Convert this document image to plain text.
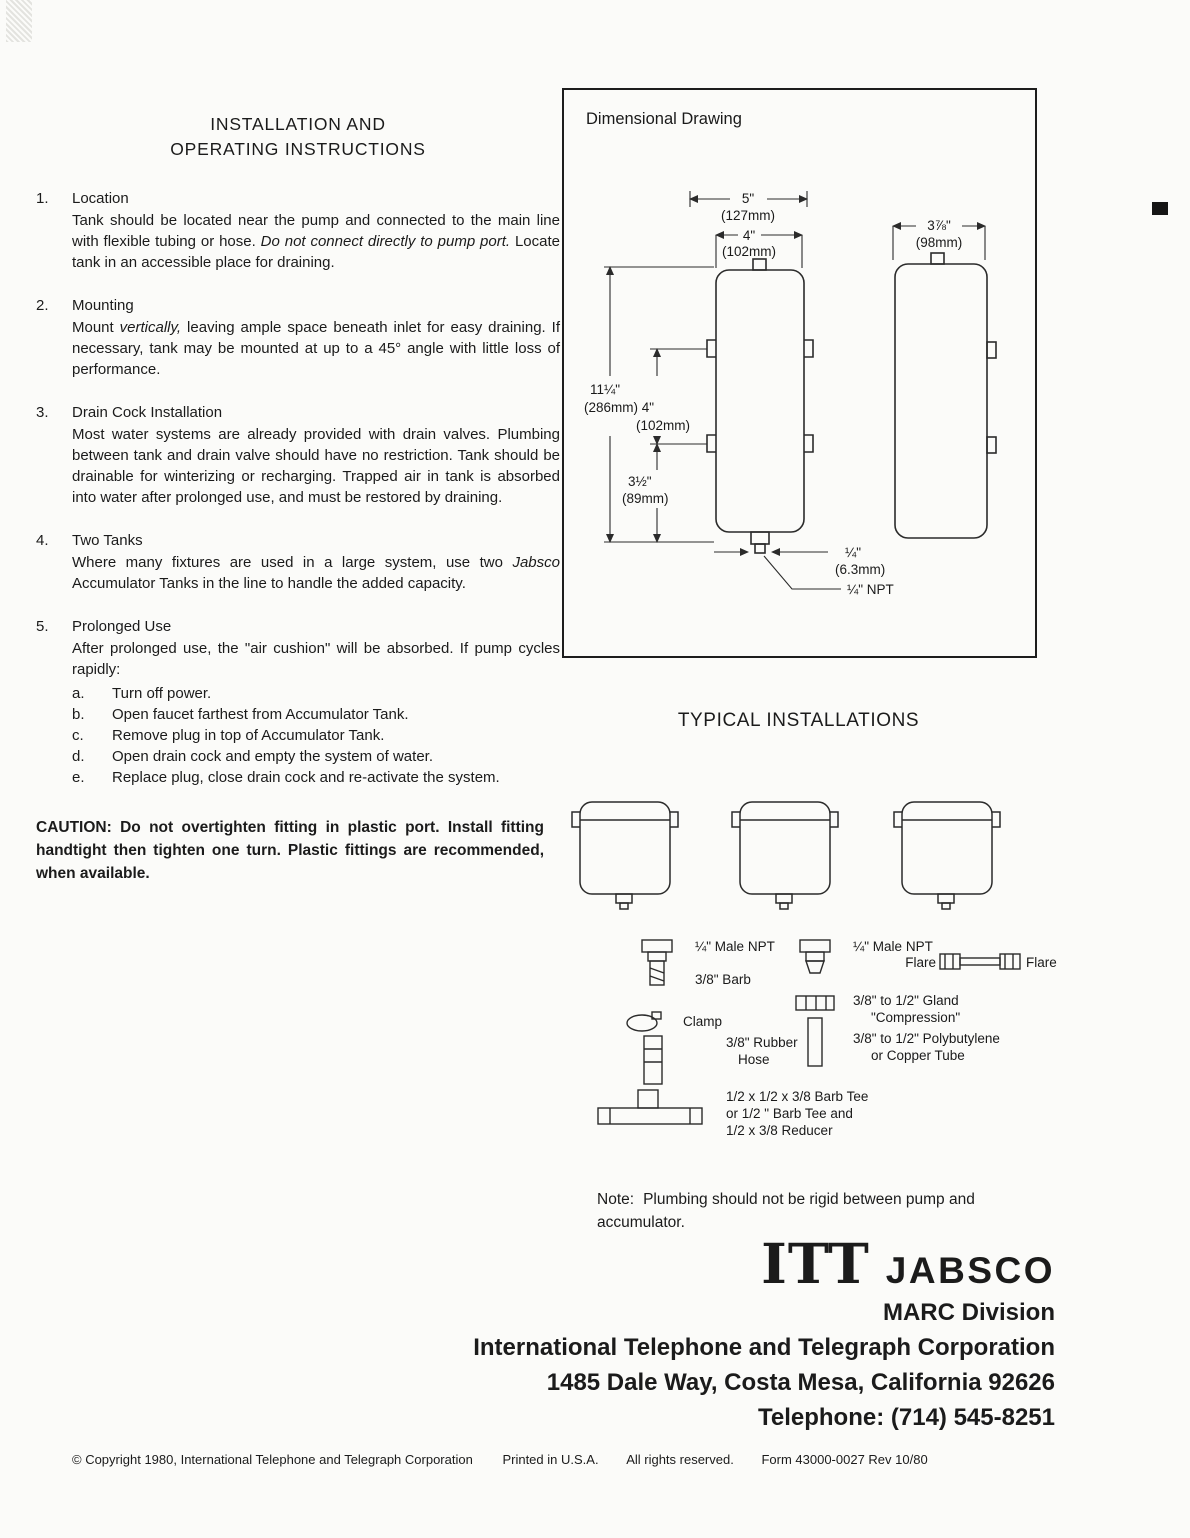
INSTALLATION AND
OPERATING INSTRUCTIONS
1.	Location

Tank should be located near the pump and connected to the main line with flexible tubing or hose. Do not connect directly to pump port. Locate tank in an accessible place for draining.

2.	Mounting

Mount vertically, leaving ample space beneath inlet for easy draining. If necessary, tank may be mounted at up to a 45° angle with little loss of performance.

3.	Drain Cock Installation

Most water systems are already provided with drain valves. Plumbing between tank and drain valve should have no restriction. Tank should be drainable for winterizing or recharging. Trapped air in tank is absorbed into water after prolonged use, and must be restored by draining.

4.	Two Tanks

Where many fixtures are used in a large system, use two Jabsco Accumulator Tanks in the line to handle the added capacity.

5.	Prolonged Use

After prolonged use, the "air cushion" will be absorbed. If pump cycles rapidly:

a.	Turn off power.
b.	Open faucet farthest from Accumulator Tank.
c.	Remove plug in top of Accumulator Tank.
d.	Open drain cock and empty the system of water.
e.	Replace plug, close drain cock and re-activate the system.

CAUTION: Do not overtighten fitting in plastic port. Install fitting handtight then tighten one turn. Plastic fittings are recommended, when available.

Dimensional Drawing
5"
(127mm)
4"
(102mm)
3⅞"
(98mm)
11¼"
(286mm) 4"
(102mm)
3½"
(89mm)
¼"
(6.3mm)
¼" NPT
TYPICAL INSTALLATIONS
¼" Male NPT
3/8" Barb
Clamp
3/8" Rubber
Hose
¼" Male NPT
Flare	Flare
3/8" to 1/2" Gland
"Compression"
3/8" to 1/2" Polybutylene
or Copper Tube
1/2 x 1/2 x 3/8 Barb Tee
or 1/2 " Barb Tee and
1/2 x 3/8 Reducer

Note: Plumbing should not be rigid between pump and accumulator.

ITT JABSCO
MARC Division
International Telephone and Telegraph Corporation
1485 Dale Way, Costa Mesa, California 92626
Telephone: (714) 545-8251
© Copyright 1980, International Telephone and Telegraph Corporation Printed in U.S.A. All rights reserved. Form 43000-0027 Rev 10/80
